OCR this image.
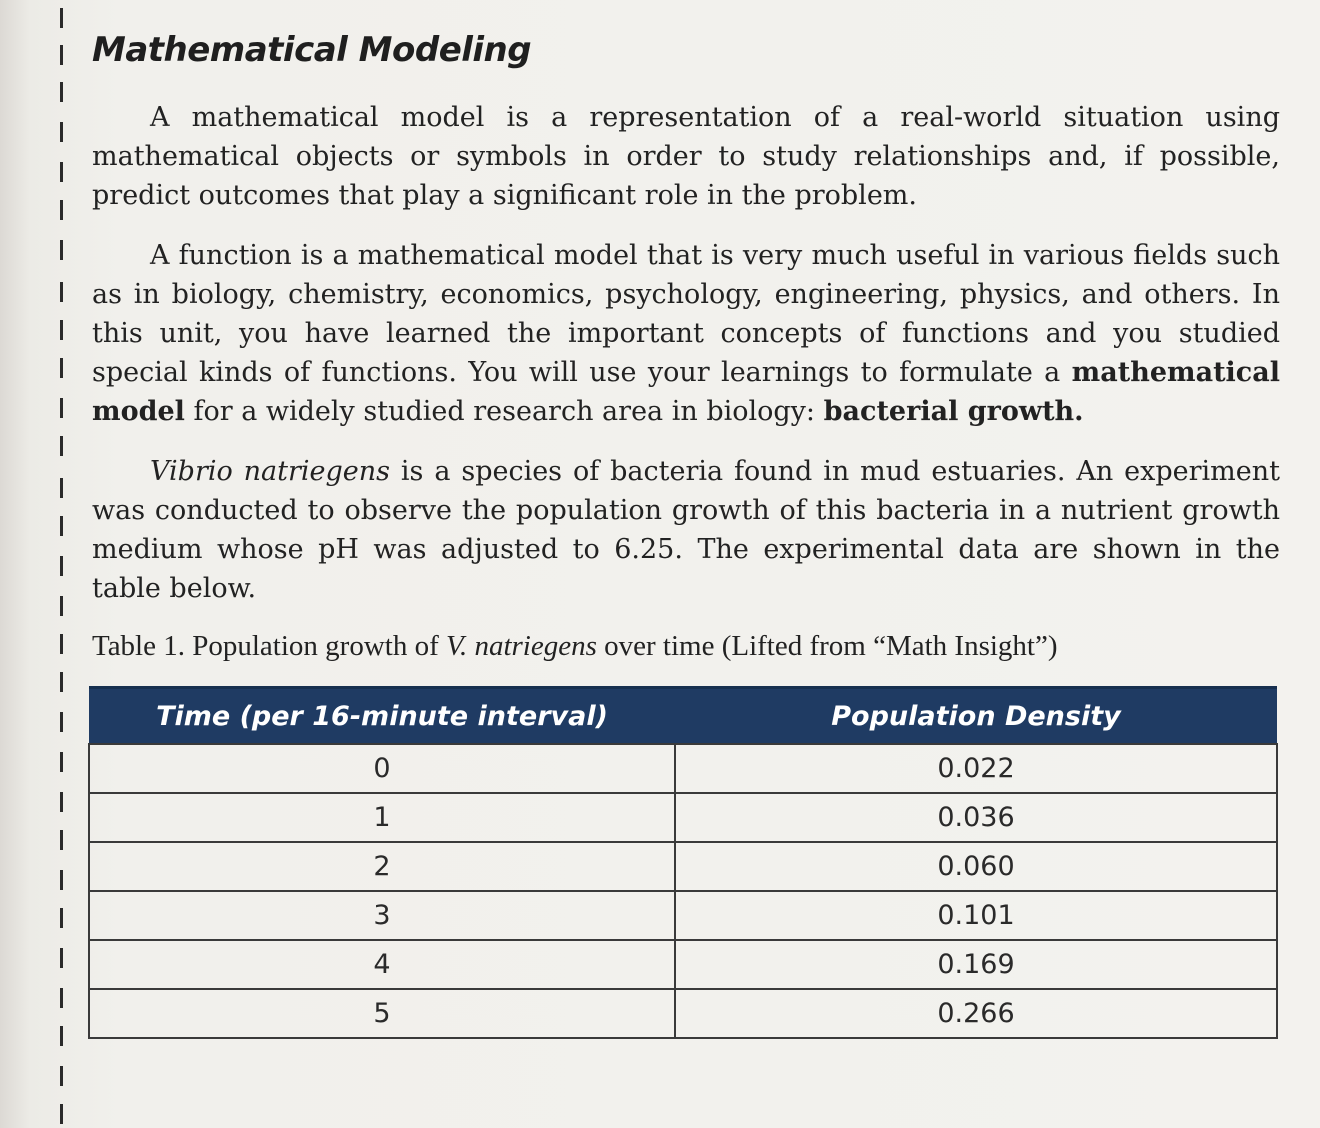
Mathematical Modeling

A mathematical model is a representation of a real-world situation using mathematical objects or symbols in order to study relationships and, if possible, predict outcomes that play a significant role in the problem.

A function is a mathematical model that is very much useful in various fields such as in biology, chemistry, economics, psychology, engineering, physics, and others. In this unit, you have learned the important concepts of functions and you studied special kinds of functions. You will use your learnings to formulate a mathematical model for a widely studied research area in biology: bacterial growth.

Vibrio natriegens is a species of bacteria found in mud estuaries. An experiment was conducted to observe the population growth of this bacteria in a nutrient growth medium whose pH was adjusted to 6.25. The experimental data are shown in the table below.

Table 1. Population growth of V. natriegens over time (Lifted from “Math Insight”)

Time (per 16-minute interval)	Population Density
0	0.022
1	0.036
2	0.060
3	0.101
4	0.169
5	0.266
